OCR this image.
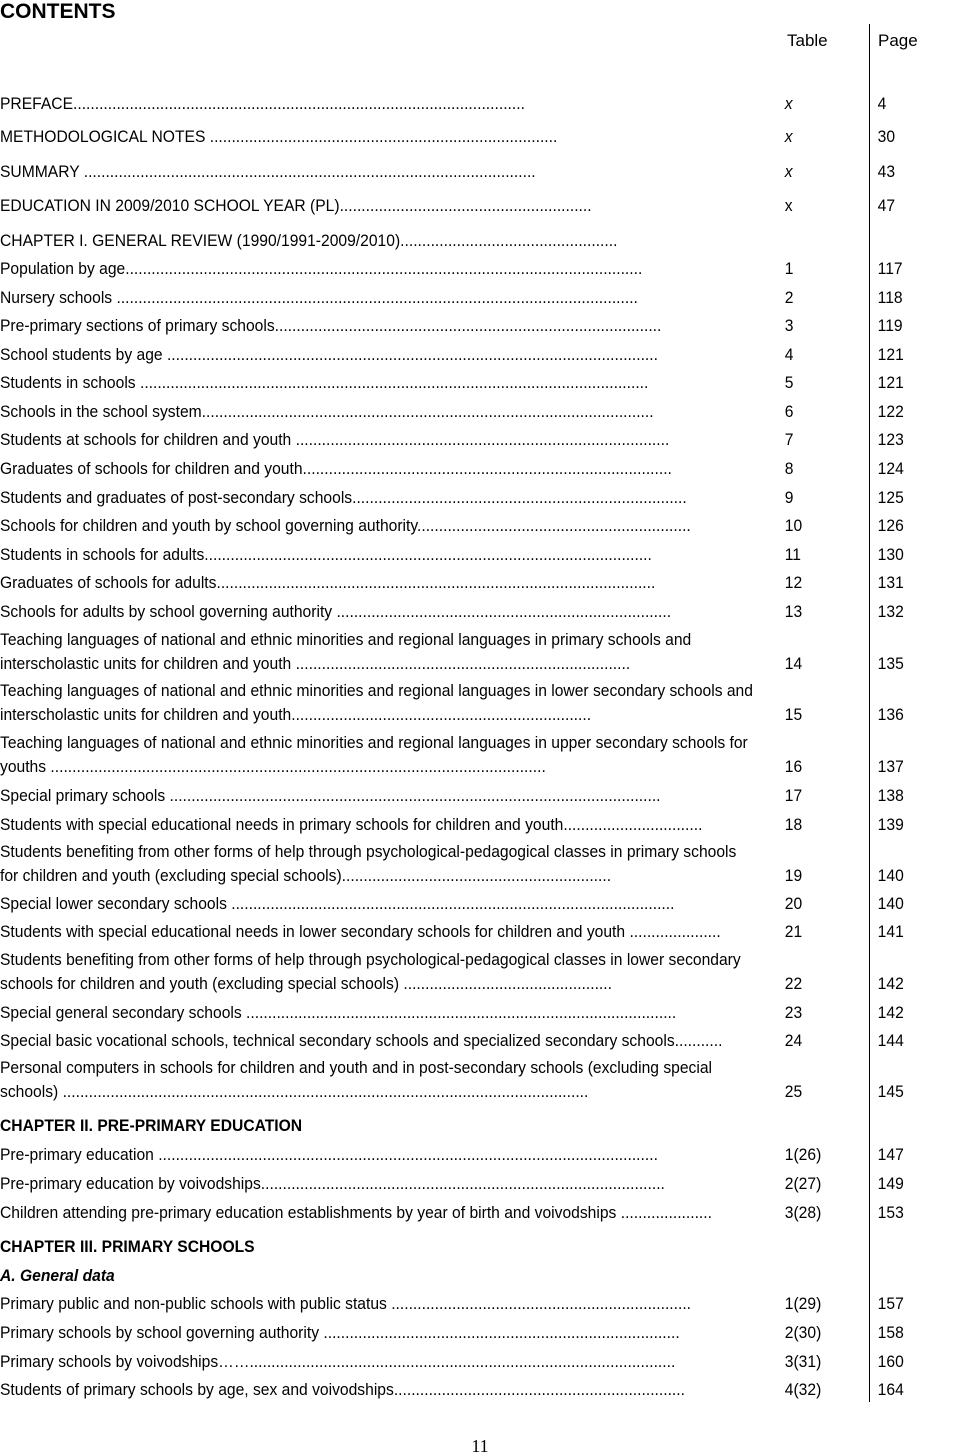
CONTENTS
Table	Page
PREFACE........................................................................................................	x	4
METHODOLOGICAL NOTES ................................................................................	x	30
SUMMARY ........................................................................................................	x	43
EDUCATION IN 2009/2010 SCHOOL YEAR (PL)..........................................................	x	47
CHAPTER I. GENERAL REVIEW (1990/1991-2009/2010)..................................................
Population by age.......................................................................................................................	1	117
Nursery schools ........................................................................................................................	2	118
Pre-primary sections of primary schools.........................................................................................	3	119
School students by age .................................................................................................................	4	121
Students in schools .....................................................................................................................	5	121
Schools in the school system........................................................................................................	6	122
Students at schools for children and youth ......................................................................................	7	123
Graduates of schools for children and youth.....................................................................................	8	124
Students and graduates of post-secondary schools.............................................................................	9	125
Schools for children and youth by school governing authority...............................................................	10	126
Students in schools for adults.......................................................................................................	11	130
Graduates of schools for adults.....................................................................................................	12	131
Schools for adults by school governing authority .............................................................................	13	132
Teaching languages of national and ethnic minorities and regional languages in primary schools and interscholastic units for children and youth .............................................................................	14	135
Teaching languages of national and ethnic minorities and regional languages in lower secondary schools and interscholastic units for children and youth.....................................................................	15	136
Teaching languages of national and ethnic minorities and regional languages in upper secondary schools for youths ..................................................................................................................	16	137
Special primary schools .................................................................................................................	17	138
Students with special educational needs in primary schools for children and youth................................	18	139
Students benefiting from other forms of help through psychological-pedagogical classes in primary schools for children and youth (excluding special schools)..............................................................	19	140
Special lower secondary schools ......................................................................................................	20	140
Students with special educational needs in lower secondary schools for children and youth .....................	21	141
Students benefiting from other forms of help through psychological-pedagogical classes in lower secondary schools for children and youth (excluding special schools) ................................................	22	142
Special general secondary schools ...................................................................................................	23	142
Special basic vocational schools, technical secondary schools and specialized secondary schools...........	24	144
Personal computers in schools for children and youth and in post-secondary schools (excluding special schools) .........................................................................................................................	25	145
CHAPTER II. PRE-PRIMARY EDUCATION
Pre-primary education ...................................................................................................................	1(26)	147
Pre-primary education by voivodships.............................................................................................	2(27)	149
Children attending pre-primary education establishments by year of birth and voivodships .....................	3(28)	153
CHAPTER III. PRIMARY SCHOOLS
A. General data
Primary public and non-public schools with public status .....................................................................	1(29)	157
Primary schools by school governing authority ..................................................................................	2(30)	158
Primary schools by voivodships……..................................................................................................	3(31)	160
Students of primary schools by age, sex and voivodships...................................................................	4(32)	164
11
